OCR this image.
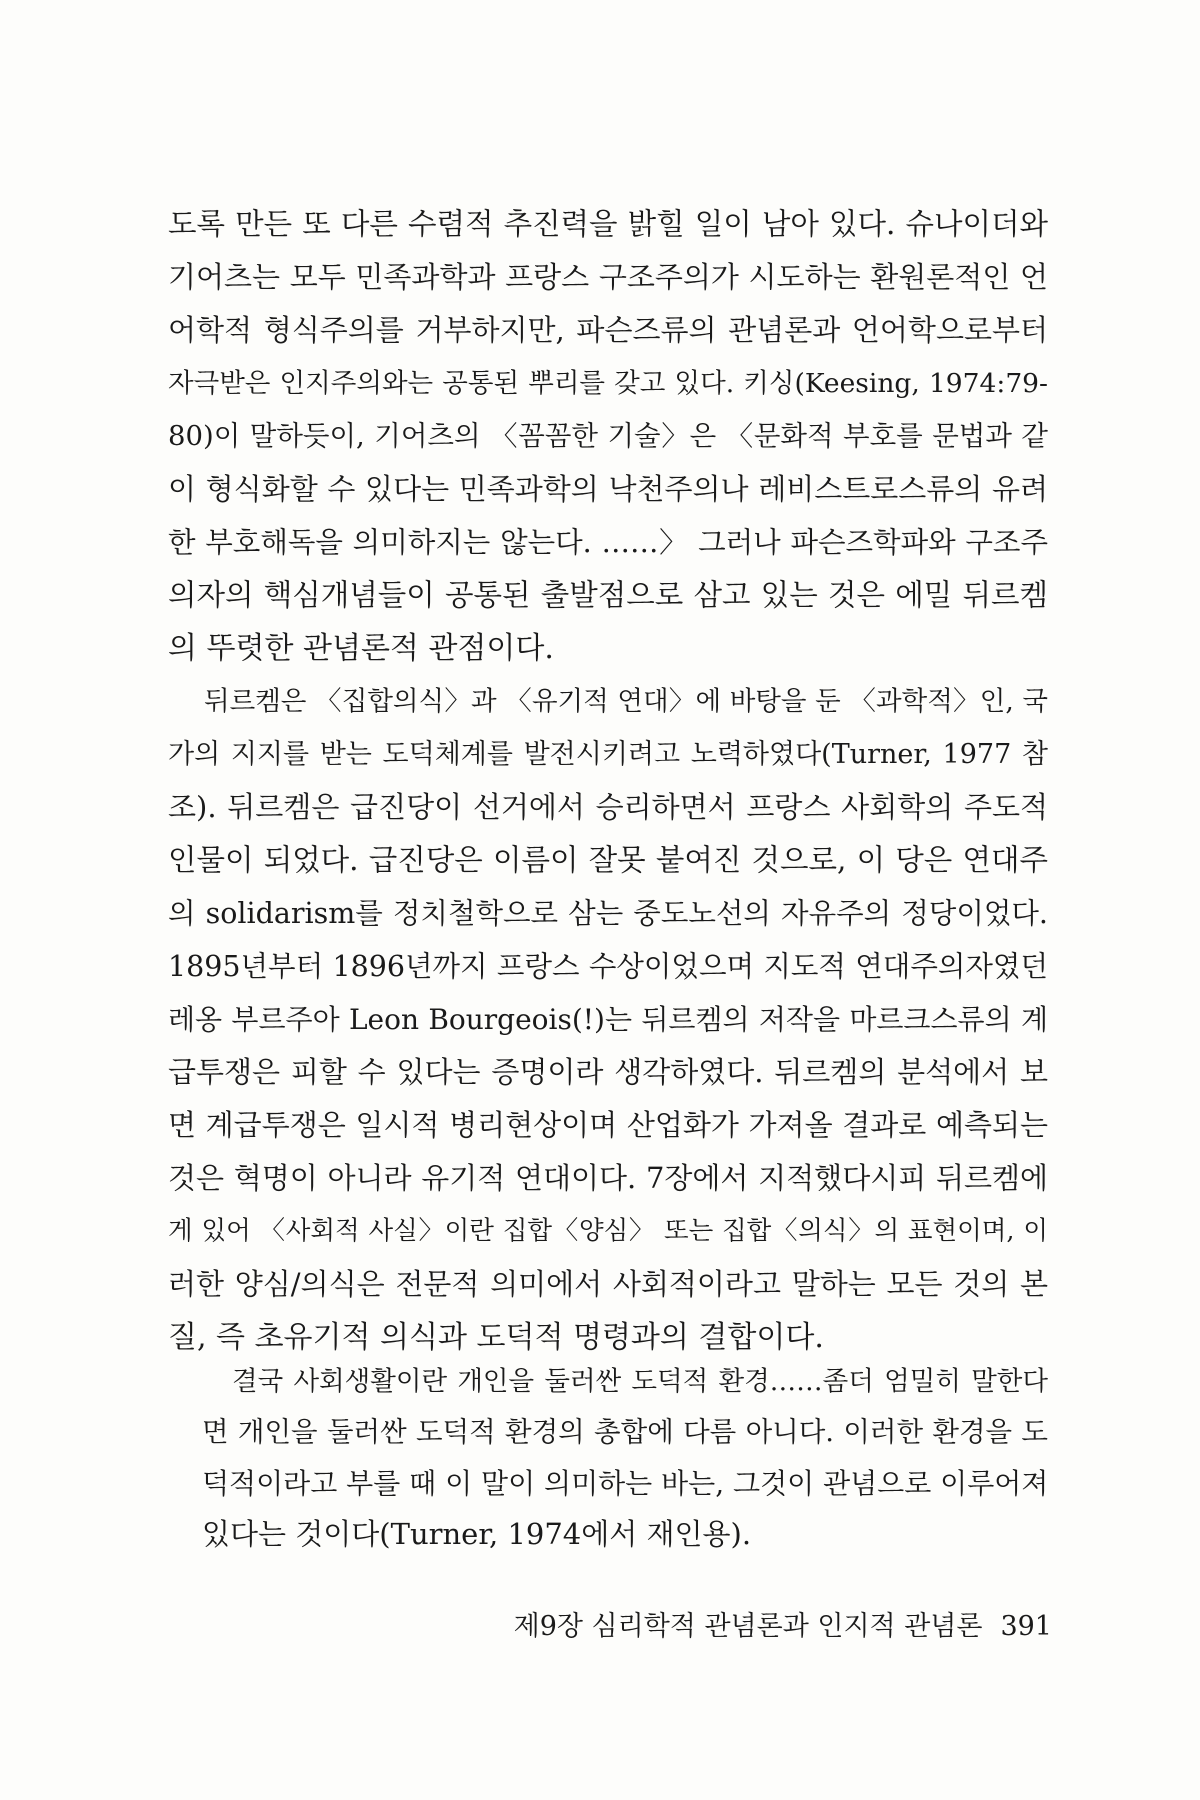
도록 만든 또 다른 수렴적 추진력을 밝힐 일이 남아 있다. 슈나이더와
기어츠는 모두 민족과학과 프랑스 구조주의가 시도하는 환원론적인 언
어학적 형식주의를 거부하지만, 파슨즈류의 관념론과 언어학으로부터
자극받은 인지주의와는 공통된 뿌리를 갖고 있다. 키싱(Keesing, 1974:79-
80)이 말하듯이, 기어츠의 〈꼼꼼한 기술〉은 〈문화적 부호를 문법과 같
이 형식화할 수 있다는 민족과학의 낙천주의나 레비스트로스류의 유려
한 부호해독을 의미하지는 않는다. ……〉 그러나 파슨즈학파와 구조주
의자의 핵심개념들이 공통된 출발점으로 삼고 있는 것은 에밀 뒤르켐
의 뚜렷한 관념론적 관점이다.
뒤르켐은 〈집합의식〉과 〈유기적 연대〉에 바탕을 둔 〈과학적〉인, 국
가의 지지를 받는 도덕체계를 발전시키려고 노력하였다(Turner, 1977 참
조). 뒤르켐은 급진당이 선거에서 승리하면서 프랑스 사회학의 주도적
인물이 되었다. 급진당은 이름이 잘못 붙여진 것으로, 이 당은 연대주
의 solidarism를 정치철학으로 삼는 중도노선의 자유주의 정당이었다.
1895년부터 1896년까지 프랑스 수상이었으며 지도적 연대주의자였던
레옹 부르주아 Leon Bourgeois(!)는 뒤르켐의 저작을 마르크스류의 계
급투쟁은 피할 수 있다는 증명이라 생각하였다. 뒤르켐의 분석에서 보
면 계급투쟁은 일시적 병리현상이며 산업화가 가져올 결과로 예측되는
것은 혁명이 아니라 유기적 연대이다. 7장에서 지적했다시피 뒤르켐에
게 있어 〈사회적 사실〉이란 집합〈양심〉 또는 집합〈의식〉의 표현이며, 이
러한 양심/의식은 전문적 의미에서 사회적이라고 말하는 모든 것의 본
질, 즉 초유기적 의식과 도덕적 명령과의 결합이다.
결국 사회생활이란 개인을 둘러싼 도덕적 환경……좀더 엄밀히 말한다
면 개인을 둘러싼 도덕적 환경의 총합에 다름 아니다. 이러한 환경을 도
덕적이라고 부를 때 이 말이 의미하는 바는, 그것이 관념으로 이루어져
있다는 것이다(Turner, 1974에서 재인용).
제9장 심리학적 관념론과 인지적 관념론 391
